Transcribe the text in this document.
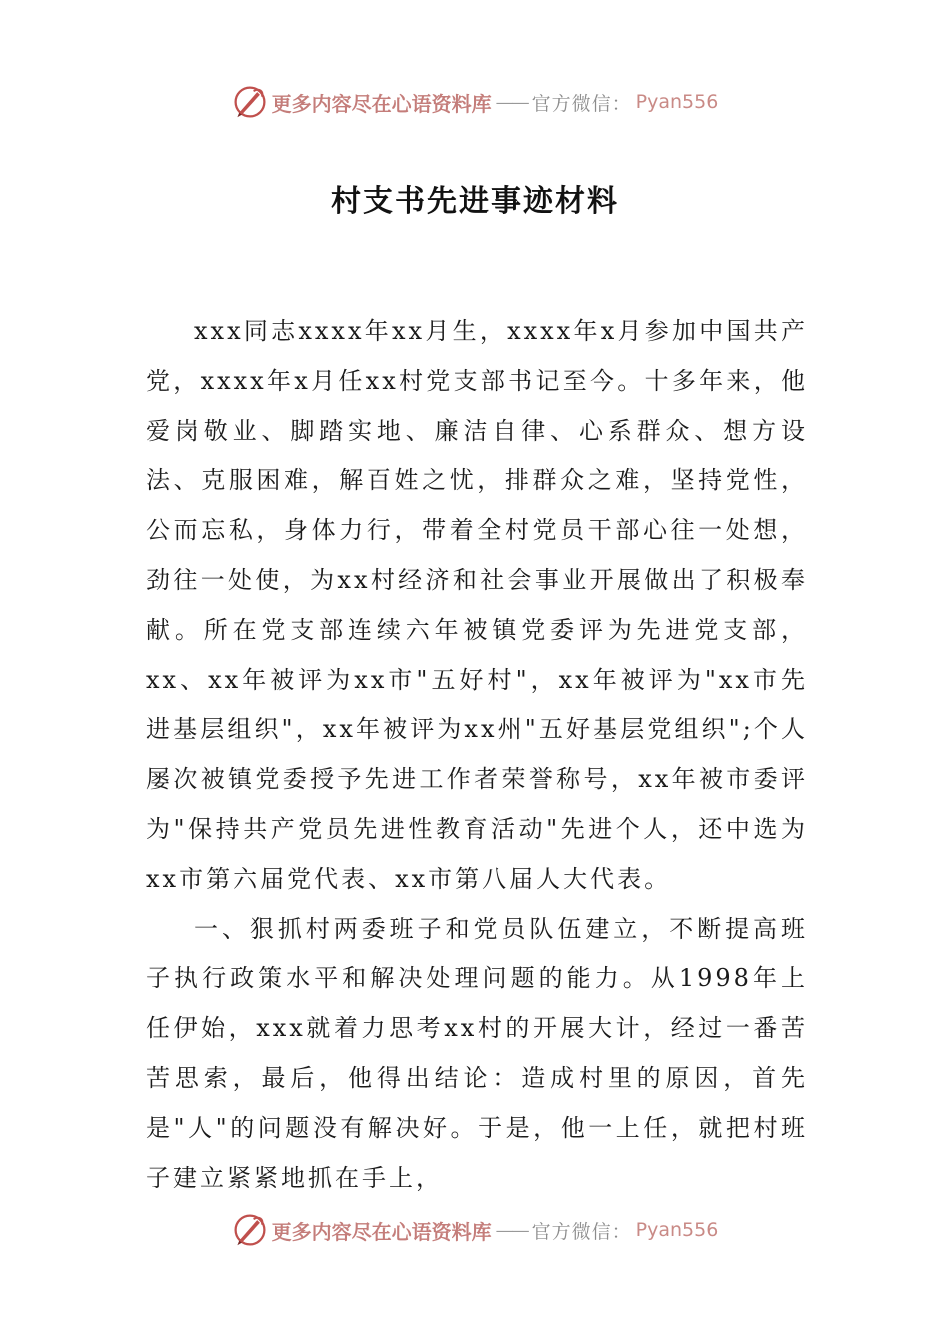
更多内容尽在心语资料库 —— 官方微信： Pyan556
村支书先进事迹材料

xxx同志xxxx年xx月生，xxxx年x月参加中国共产党，xxxx年x月任xx村党支部书记至今。十多年来，他爱岗敬业、脚踏实地、廉洁自律、心系群众、想方设法、克服困难，解百姓之忧，排群众之难，坚持党性，公而忘私，身体力行，带着全村党员干部心往一处想，劲往一处使，为xx村经济和社会事业开展做出了积极奉献。所在党支部连续六年被镇党委评为先进党支部，xx、xx年被评为xx市"五好村"，xx年被评为"xx市先进基层组织"，xx年被评为xx州"五好基层党组织";个人屡次被镇党委授予先进工作者荣誉称号，xx年被市委评为"保持共产党员先进性教育活动"先进个人，还中选为xx市第六届党代表、xx市第八届人大代表。

一、狠抓村两委班子和党员队伍建立，不断提高班子执行政策水平和解决处理问题的能力。从1998年上任伊始，xxx就着力思考xx村的开展大计，经过一番苦苦思索，最后，他得出结论：造成村里的原因，首先是"人"的问题没有解决好。于是，他一上任，就把村班子建立紧紧地抓在手上，

更多内容尽在心语资料库 —— 官方微信： Pyan556
